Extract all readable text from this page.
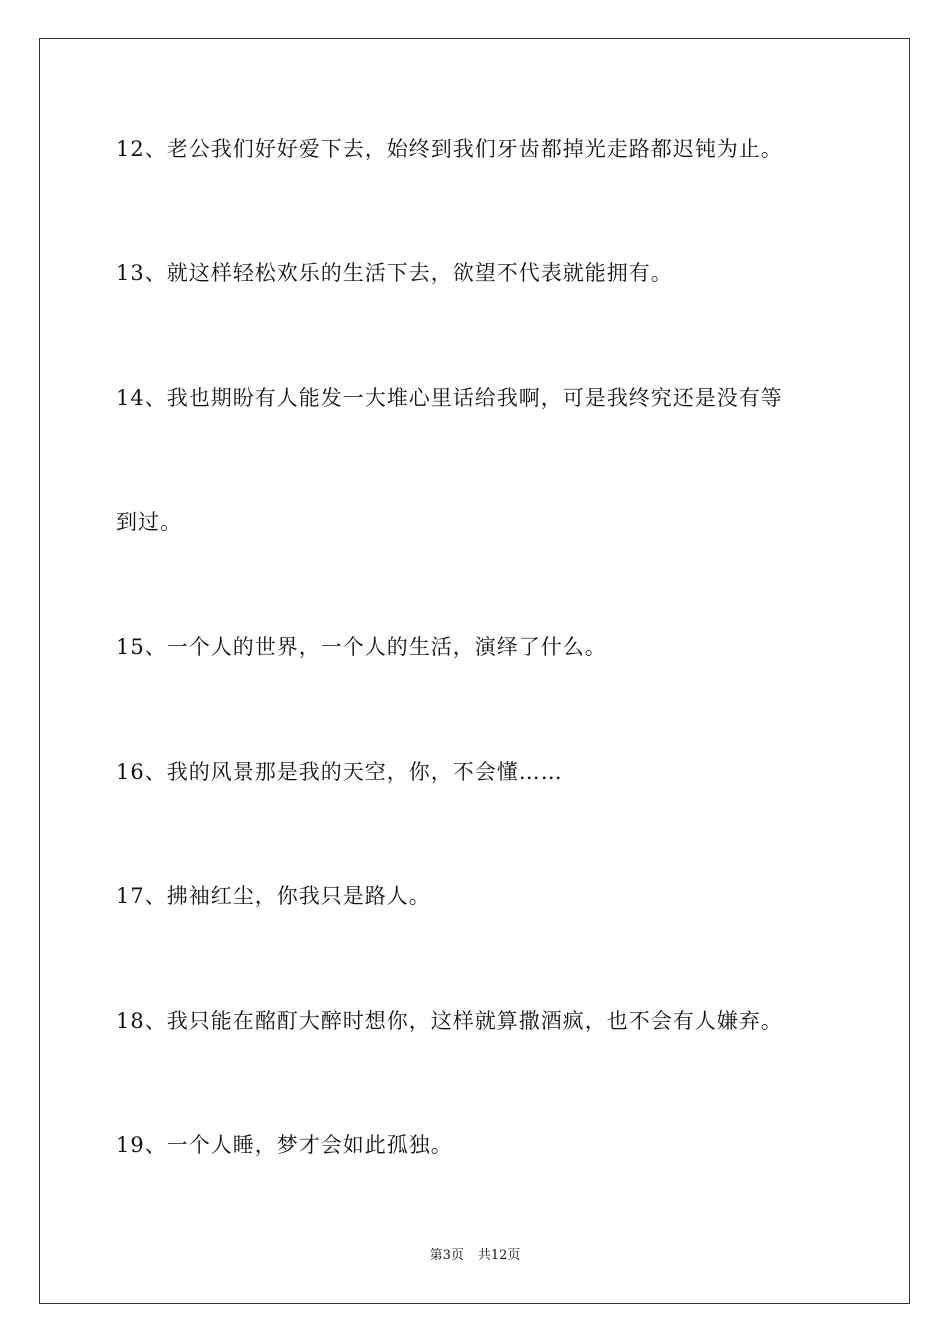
12、老公我们好好爱下去，始终到我们牙齿都掉光走路都迟钝为止。
13、就这样轻松欢乐的生活下去，欲望不代表就能拥有。
14、我也期盼有人能发一大堆心里话给我啊，可是我终究还是没有等
到过。
15、一个人的世界，一个人的生活，演绎了什么。
16、我的风景那是我的天空，你，不会懂……
17、拂袖红尘，你我只是路人。
18、我只能在酩酊大醉时想你，这样就算撒酒疯，也不会有人嫌弃。
19、一个人睡，梦才会如此孤独。
第3页 共12页
